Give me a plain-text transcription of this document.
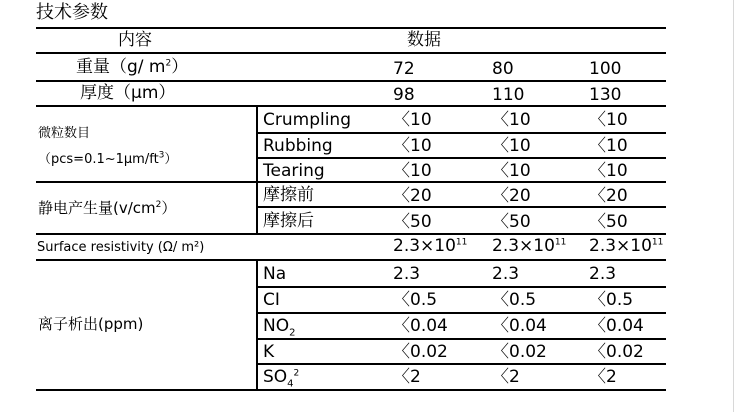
技术参数
内容	数据
重量（g/ $m^2$）	72	80	100
厚度（μm）	98	110	130
微粒数目
$(pcs=0.1\sim 1\mu m/ft^3)$
Crumpling 〈10	〈10	〈10
Rubbing	〈10	〈10	〈10
Tearing	〈10	〈10	〈10
静电产生量$(v/cm^2)$
摩擦前	〈20	〈20	〈20
摩擦后	〈50	〈50	〈50
Surface resistivity (Ω/ m²)	$2.3\times 10^{11}$ $2.3\times 10^{11}$ $2.3\times 10^{11}$
离子析出(ppm)
Na	2.3	2.3	2.3
CI	〈0.5	〈0.5	〈0.5
$NO_2$	〈0.04	〈0.04 〈0.04
K	〈0.02	〈0.02 〈0.02
$SO_4^2$	〈2	〈2	〈2
